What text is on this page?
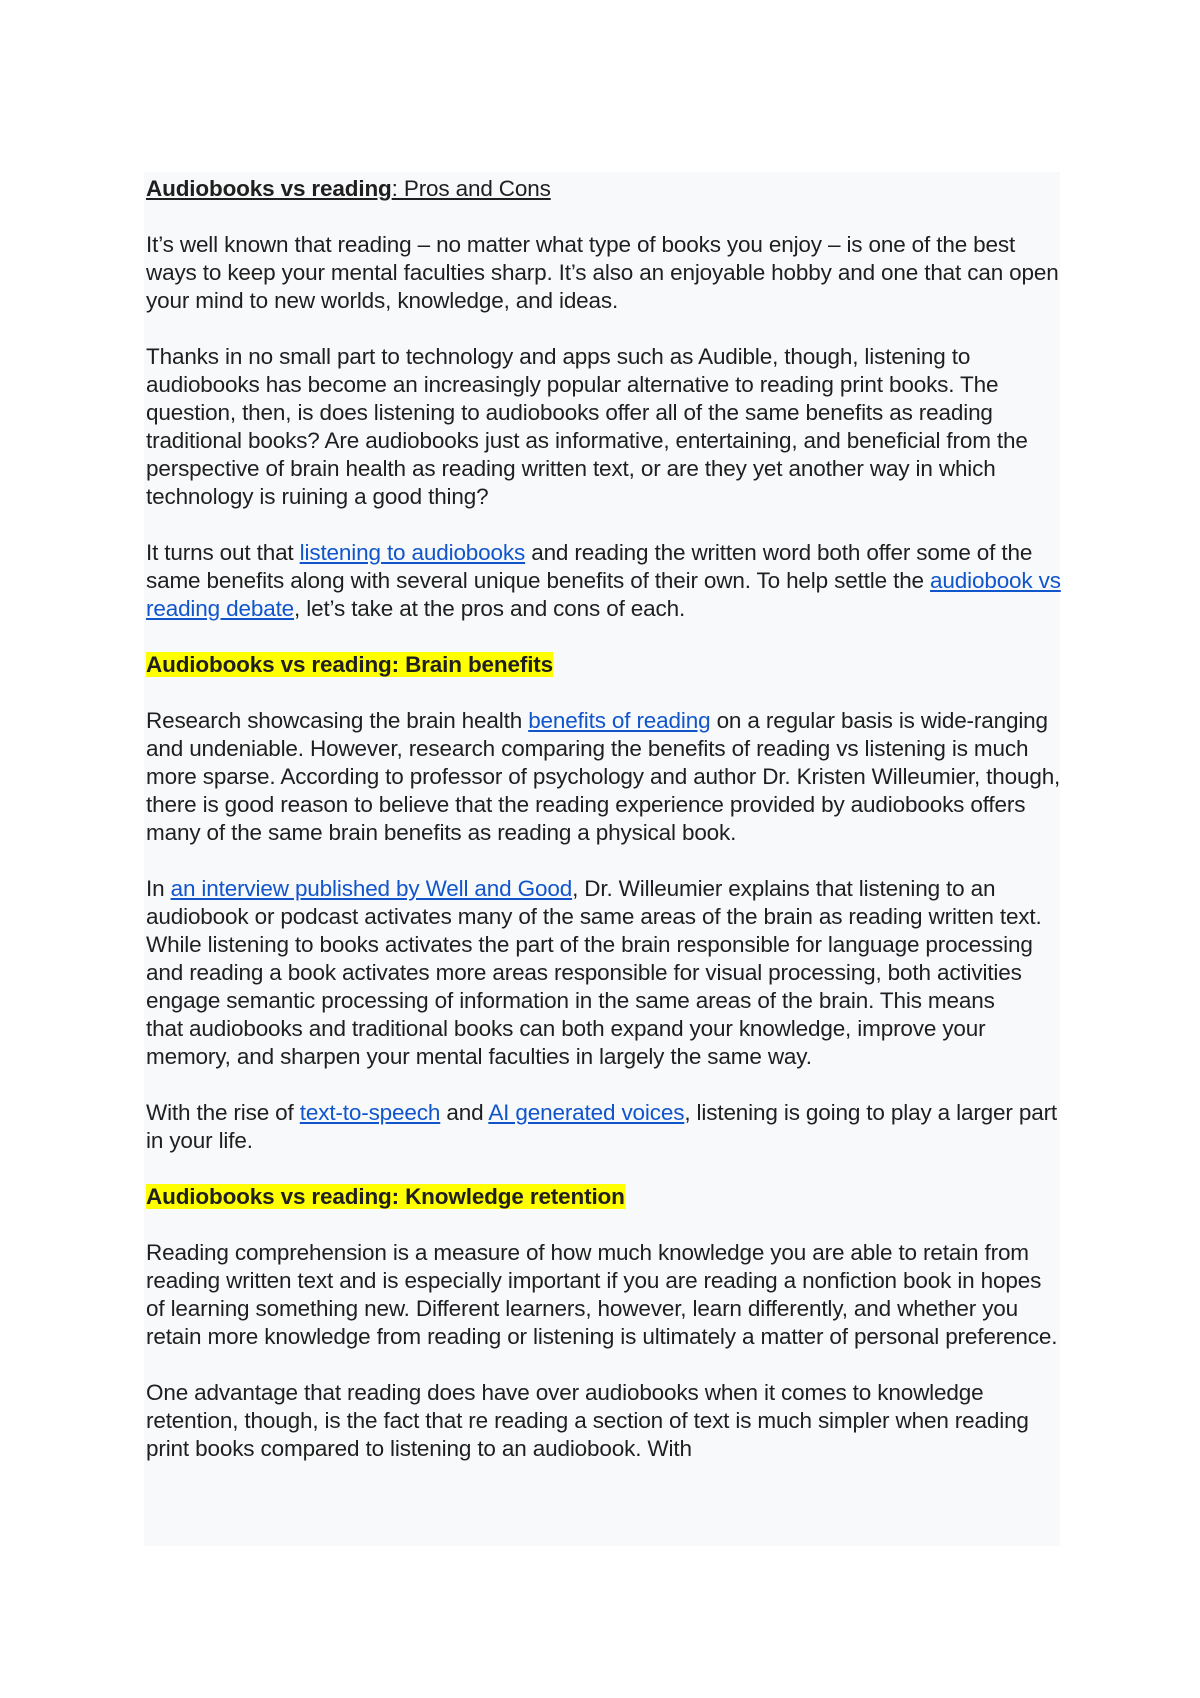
Audiobooks vs reading: Pros and Cons

It’s well known that reading – no matter what type of books you enjoy – is one of the best ways to keep your mental faculties sharp. It’s also an enjoyable hobby and one that can open your mind to new worlds, knowledge, and ideas.

Thanks in no small part to technology and apps such as Audible, though, listening to audiobooks has become an increasingly popular alternative to reading print books. The question, then, is does listening to audiobooks offer all of the same benefits as reading traditional books? Are audiobooks just as informative, entertaining, and beneficial from the perspective of brain health as reading written text, or are they yet another way in which technology is ruining a good thing?

It turns out that listening to audiobooks and reading the written word both offer some of the same benefits along with several unique benefits of their own. To help settle the audiobook vs reading debate, let’s take at the pros and cons of each.

Audiobooks vs reading: Brain benefits

Research showcasing the brain health benefits of reading on a regular basis is wide-ranging and undeniable. However, research comparing the benefits of reading vs listening is much more sparse. According to professor of psychology and author Dr. Kristen Willeumier, though, there is good reason to believe that the reading experience provided by audiobooks offers many of the same brain benefits as reading a physical book.

In an interview published by Well and Good, Dr. Willeumier explains that listening to an audiobook or podcast activates many of the same areas of the brain as reading written text. While listening to books activates the part of the brain responsible for language processing and reading a book activates more areas responsible for visual processing, both activities engage semantic processing of information in the same areas of the brain. This means
that audiobooks and traditional books can both expand your knowledge, improve your memory, and sharpen your mental faculties in largely the same way.

With the rise of text-to-speech and AI generated voices, listening is going to play a larger part in your life.

Audiobooks vs reading: Knowledge retention

Reading comprehension is a measure of how much knowledge you are able to retain from reading written text and is especially important if you are reading a nonfiction book in hopes of learning something new. Different learners, however, learn differently, and whether you retain more knowledge from reading or listening is ultimately a matter of personal preference.

One advantage that reading does have over audiobooks when it comes to knowledge retention, though, is the fact that re reading a section of text is much simpler when reading print books compared to listening to an audiobook. With
